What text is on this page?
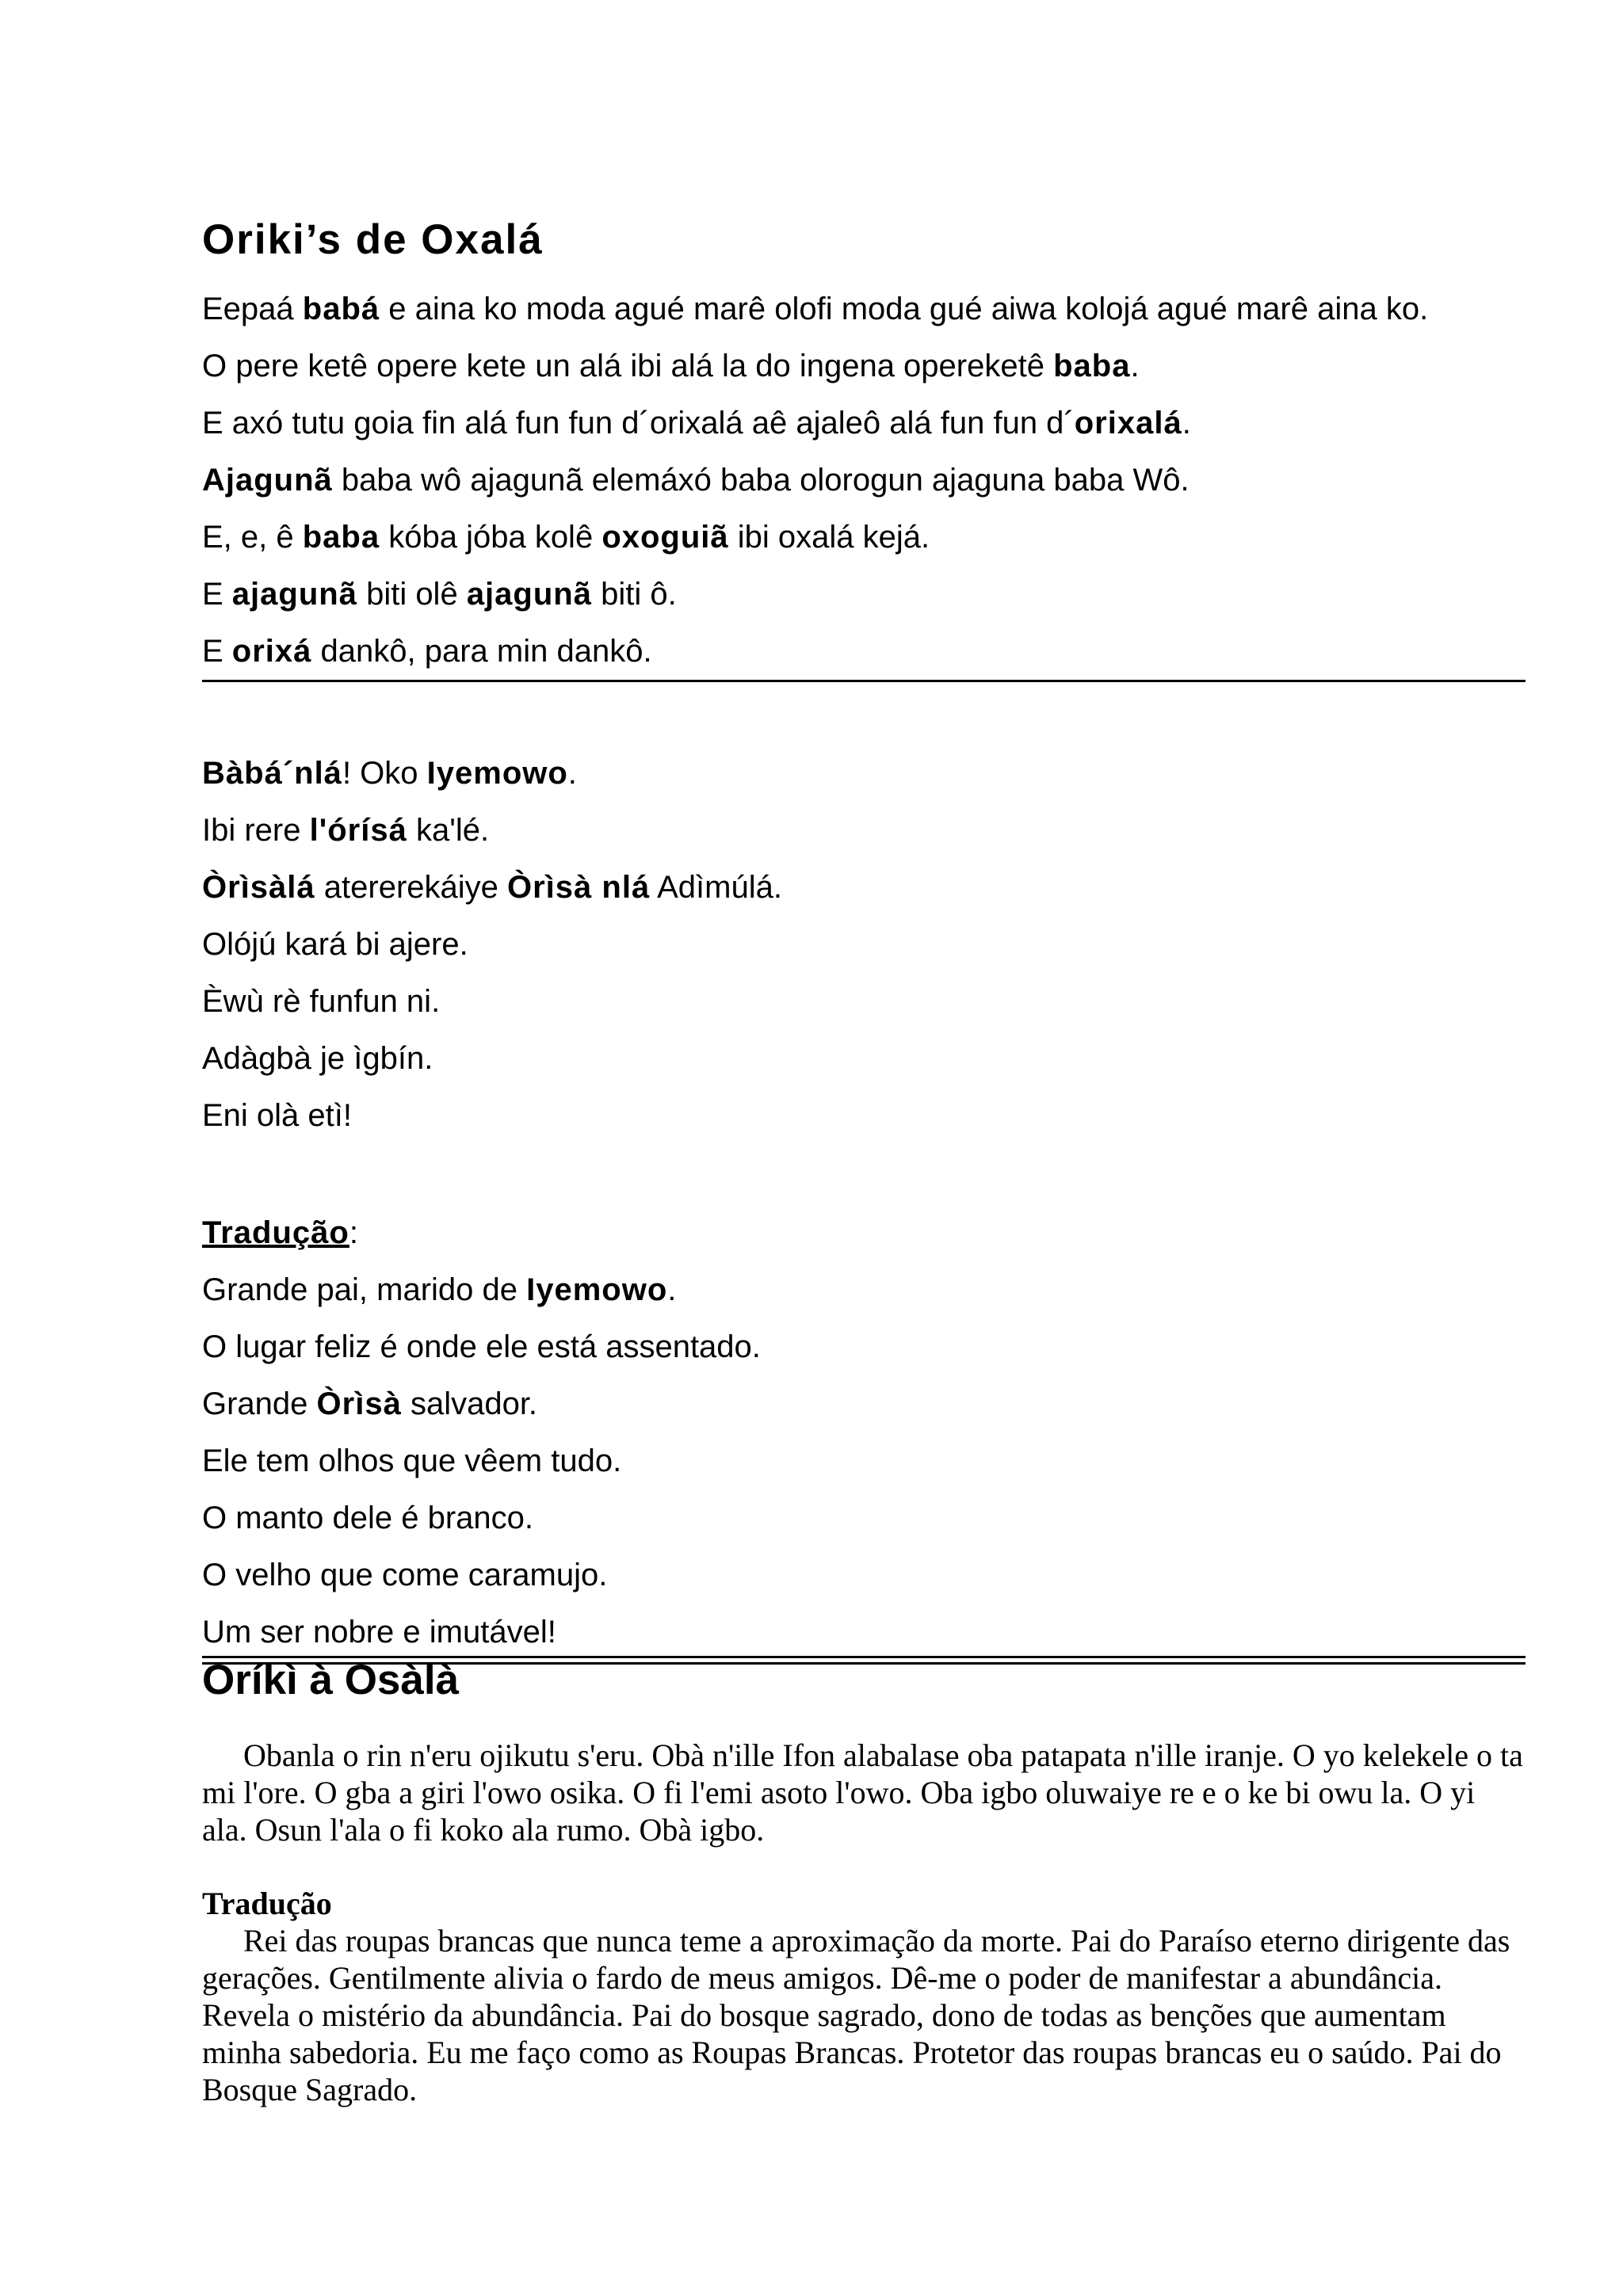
Oriki’s de Oxalá
Eepaá babá e aina ko moda agué marê olofi moda gué aiwa kolojá agué marê aina ko.
O pere ketê opere kete un alá ibi alá la do ingena opereketê baba.
E axó tutu goia fin alá fun fun d´orixalá aê ajaleô alá fun fun d´orixalá.
Ajagunã baba wô ajagunã elemáxó baba olorogun ajaguna baba Wô.
E, e, ê baba kóba jóba kolê oxoguiã ibi oxalá kejá.
E ajagunã biti olê ajagunã biti ô.
E orixá dankô, para min dankô.
Bàbá´nlá! Oko Iyemowo.
Ibi rere l'órísá ka'lé.
Òrìsàlá atererekáiye Òrìsà nlá Adìmúlá.
Olójú kará bi ajere.
Èwù rè funfun ni.
Adàgbà je ìgbín.
Eni olà etì!
Tradução:
Grande pai, marido de Iyemowo.
O lugar feliz é onde ele está assentado.
Grande Òrìsà salvador.
Ele tem olhos que vêem tudo.
O manto dele é branco.
O velho que come caramujo.
Um ser nobre e imutável!
Oríkì à Osàlà

Obanla o rin n'eru ojikutu s'eru. Obà n'ille Ifon alabalase oba patapata n'ille iranje. O yo kelekele o ta mi l'ore. O gba a giri l'owo osika. O fi l'emi asoto l'owo. Oba igbo oluwaiye re e o ke bi owu la. O yi ala. Osun l'ala o fi koko ala rumo. Obà igbo.

Tradução

Rei das roupas brancas que nunca teme a aproximação da morte. Pai do Paraíso eterno dirigente das gerações. Gentilmente alivia o fardo de meus amigos. Dê-me o poder de manifestar a abundância. Revela o mistério da abundância. Pai do bosque sagrado, dono de todas as benções que aumentam minha sabedoria. Eu me faço como as Roupas Brancas. Protetor das roupas brancas eu o saúdo. Pai do Bosque Sagrado.
